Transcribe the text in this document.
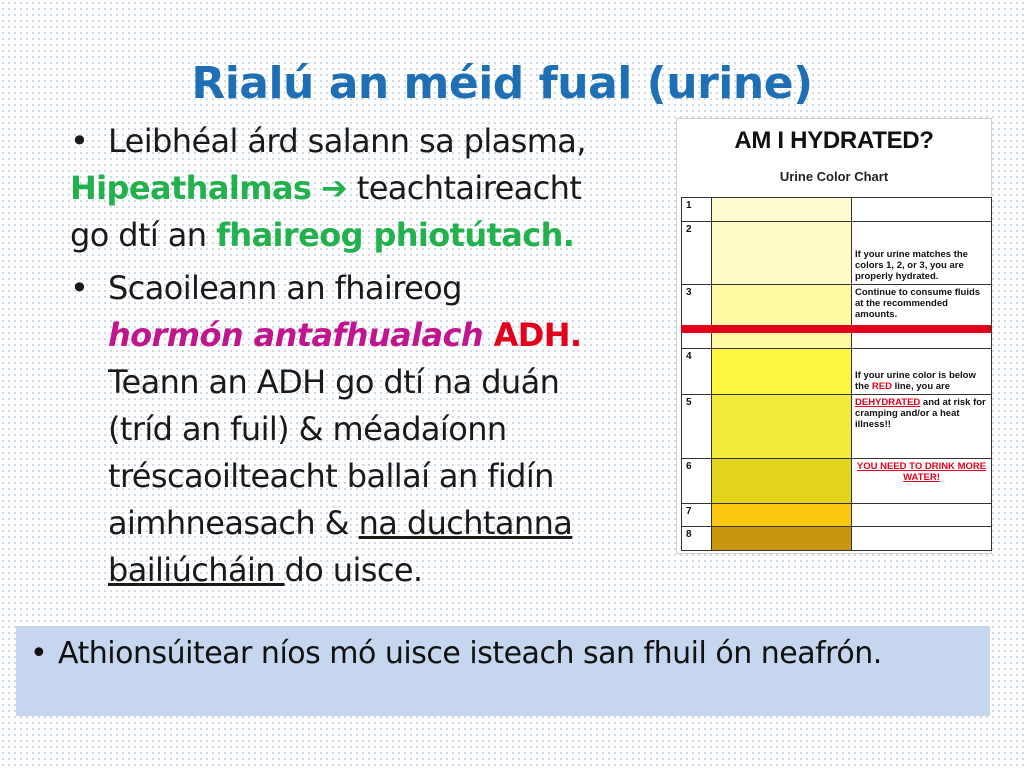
Rialú an méid fual (urine)
• Leibhéal árd salann sa plasma,
Hipeathalmas ➔ teachtaireacht
go dtí an fhaireog phiotútach.
• Scaoileann an fhaireog
hormón antafhualach ADH.
Teann an ADH go dtí na duán
(tríd an fuil) & méadaíonn
tréscaoilteacht ballaí an fidín
aimhneasach & na duchtanna
bailiúcháin do uisce.
AM I HYDRATED?
Urine Color Chart
1		
2		If your urine matches the colors 1, 2, or 3, you are properly hydrated.
3		Continue to consume fluids at the recommended amounts.
4		If your urine color is below the RED line, you are
5		DEHYDRATED and at risk for cramping and/or a heat illness!!
6		YOU NEED TO DRINK MORE WATER!
7		
8		
• Athionsúitear níos mó uisce isteach san fhuil ón neafrón.
